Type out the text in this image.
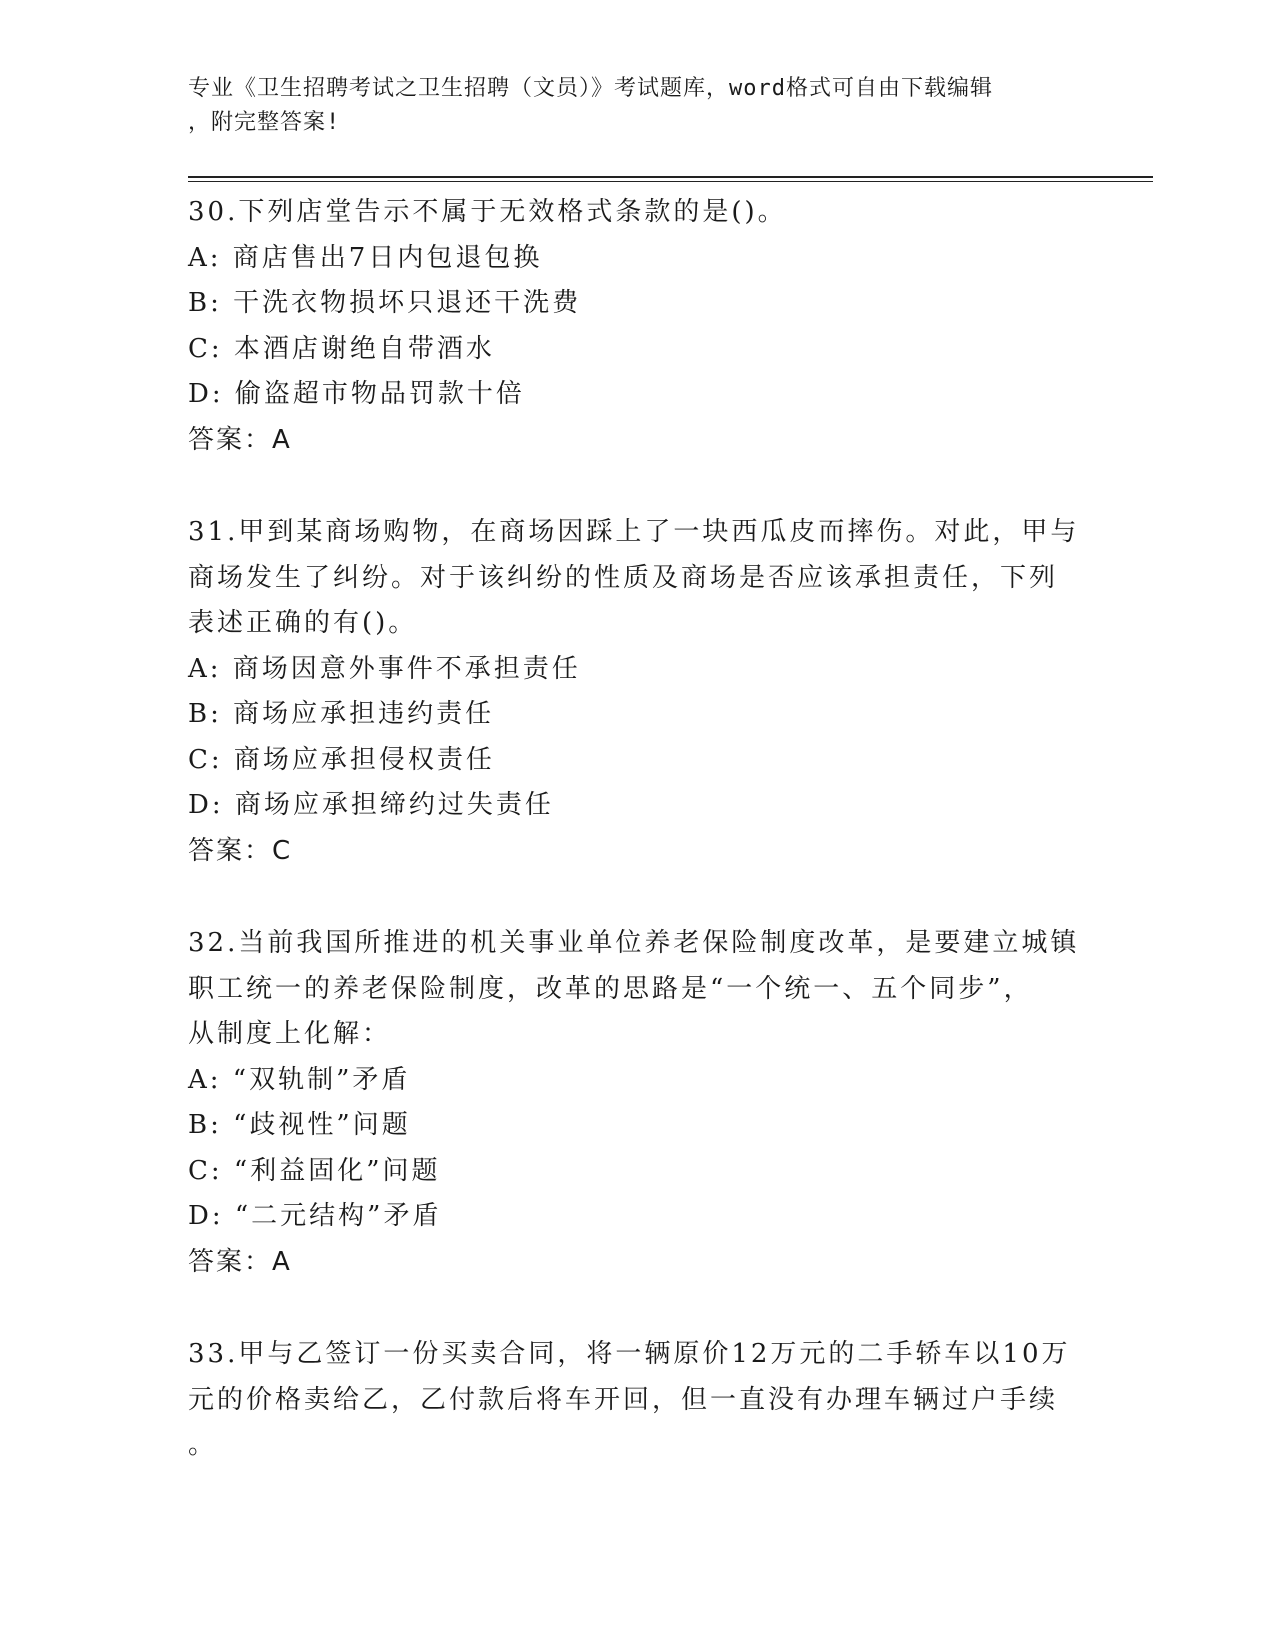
专业《卫生招聘考试之卫生招聘（文员）》考试题库，word格式可自由下载编辑
，附完整答案!
30.下列店堂告示不属于无效格式条款的是()。
A: 商店售出7日内包退包换
B: 干洗衣物损坏只退还干洗费
C: 本酒店谢绝自带酒水
D: 偷盗超市物品罚款十倍
答案：A
31.甲到某商场购物，在商场因踩上了一块西瓜皮而摔伤。对此，甲与
商场发生了纠纷。对于该纠纷的性质及商场是否应该承担责任，下列
表述正确的有()。
A: 商场因意外事件不承担责任
B: 商场应承担违约责任
C: 商场应承担侵权责任
D: 商场应承担缔约过失责任
答案：C
32.当前我国所推进的机关事业单位养老保险制度改革，是要建立城镇
职工统一的养老保险制度，改革的思路是“一个统一、五个同步”，
从制度上化解：
A: “双轨制”矛盾
B: “歧视性”问题
C: “利益固化”问题
D: “二元结构”矛盾
答案：A
33.甲与乙签订一份买卖合同，将一辆原价12万元的二手轿车以10万
元的价格卖给乙，乙付款后将车开回，但一直没有办理车辆过户手续
。
